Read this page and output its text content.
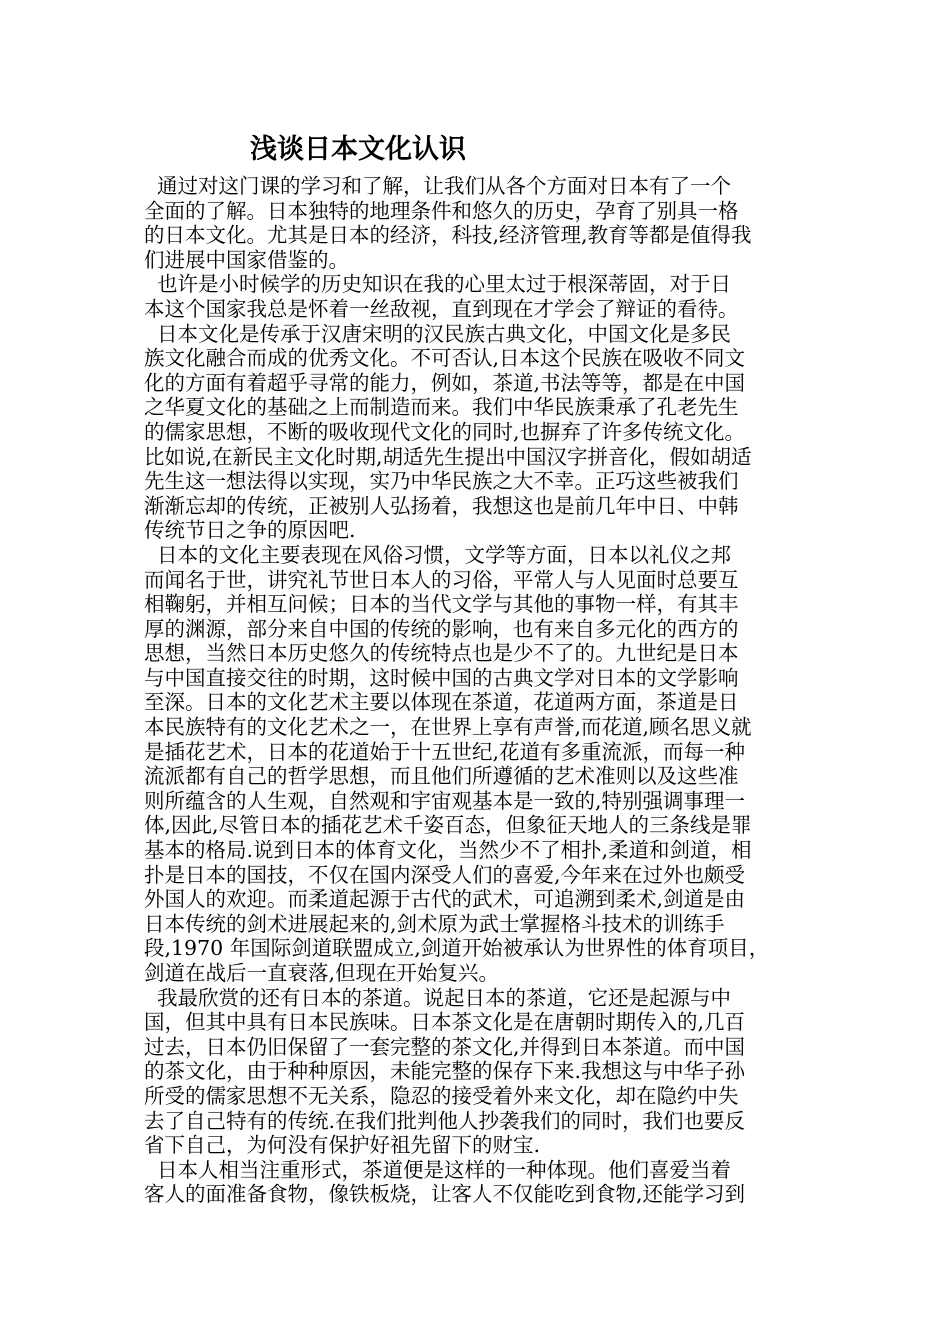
浅谈日本文化认识
通过对这门课的学习和了解，让我们从各个方面对日本有了一个
全面的了解。日本独特的地理条件和悠久的历史，孕育了别具一格
的日本文化。尤其是日本的经济，科技,经济管理,教育等都是值得我
们进展中国家借鉴的。
也许是小时候学的历史知识在我的心里太过于根深蒂固，对于日
本这个国家我总是怀着一丝敌视，直到现在才学会了辩证的看待。
日本文化是传承于汉唐宋明的汉民族古典文化，中国文化是多民
族文化融合而成的优秀文化。不可否认,日本这个民族在吸收不同文
化的方面有着超乎寻常的能力，例如，茶道,书法等等，都是在中国
之华夏文化的基础之上而制造而来。我们中华民族秉承了孔老先生
的儒家思想，不断的吸收现代文化的同时,也摒弃了许多传统文化。
比如说,在新民主文化时期,胡适先生提出中国汉字拼音化，假如胡适
先生这一想法得以实现，实乃中华民族之大不幸。正巧这些被我们
渐渐忘却的传统，正被别人弘扬着，我想这也是前几年中日、中韩
传统节日之争的原因吧.
日本的文化主要表现在风俗习惯，文学等方面，日本以礼仪之邦
而闻名于世，讲究礼节世日本人的习俗，平常人与人见面时总要互
相鞠躬，并相互问候；日本的当代文学与其他的事物一样，有其丰
厚的渊源，部分来自中国的传统的影响，也有来自多元化的西方的
思想，当然日本历史悠久的传统特点也是少不了的。九世纪是日本
与中国直接交往的时期，这时候中国的古典文学对日本的文学影响
至深。日本的文化艺术主要以体现在茶道，花道两方面，茶道是日
本民族特有的文化艺术之一，在世界上享有声誉,而花道,顾名思义就
是插花艺术，日本的花道始于十五世纪,花道有多重流派，而每一种
流派都有自己的哲学思想，而且他们所遵循的艺术准则以及这些准
则所蕴含的人生观，自然观和宇宙观基本是一致的,特别强调事理一
体,因此,尽管日本的插花艺术千姿百态，但象征天地人的三条线是罪
基本的格局.说到日本的体育文化，当然少不了相扑,柔道和剑道，相
扑是日本的国技，不仅在国内深受人们的喜爱,今年来在过外也颇受
外国人的欢迎。而柔道起源于古代的武术，可追溯到柔术,剑道是由
日本传统的剑术进展起来的,剑术原为武士掌握格斗技术的训练手
段,1970 年国际剑道联盟成立,剑道开始被承认为世界性的体育项目，
剑道在战后一直衰落,但现在开始复兴。
我最欣赏的还有日本的茶道。说起日本的茶道，它还是起源与中
国，但其中具有日本民族味。日本茶文化是在唐朝时期传入的,几百
过去，日本仍旧保留了一套完整的茶文化,并得到日本茶道。而中国
的茶文化，由于种种原因，未能完整的保存下来.我想这与中华子孙
所受的儒家思想不无关系，隐忍的接受着外来文化，却在隐约中失
去了自己特有的传统.在我们批判他人抄袭我们的同时，我们也要反
省下自己，为何没有保护好祖先留下的财宝.
日本人相当注重形式，茶道便是这样的一种体现。他们喜爱当着
客人的面准备食物，像铁板烧，让客人不仅能吃到食物,还能学习到
